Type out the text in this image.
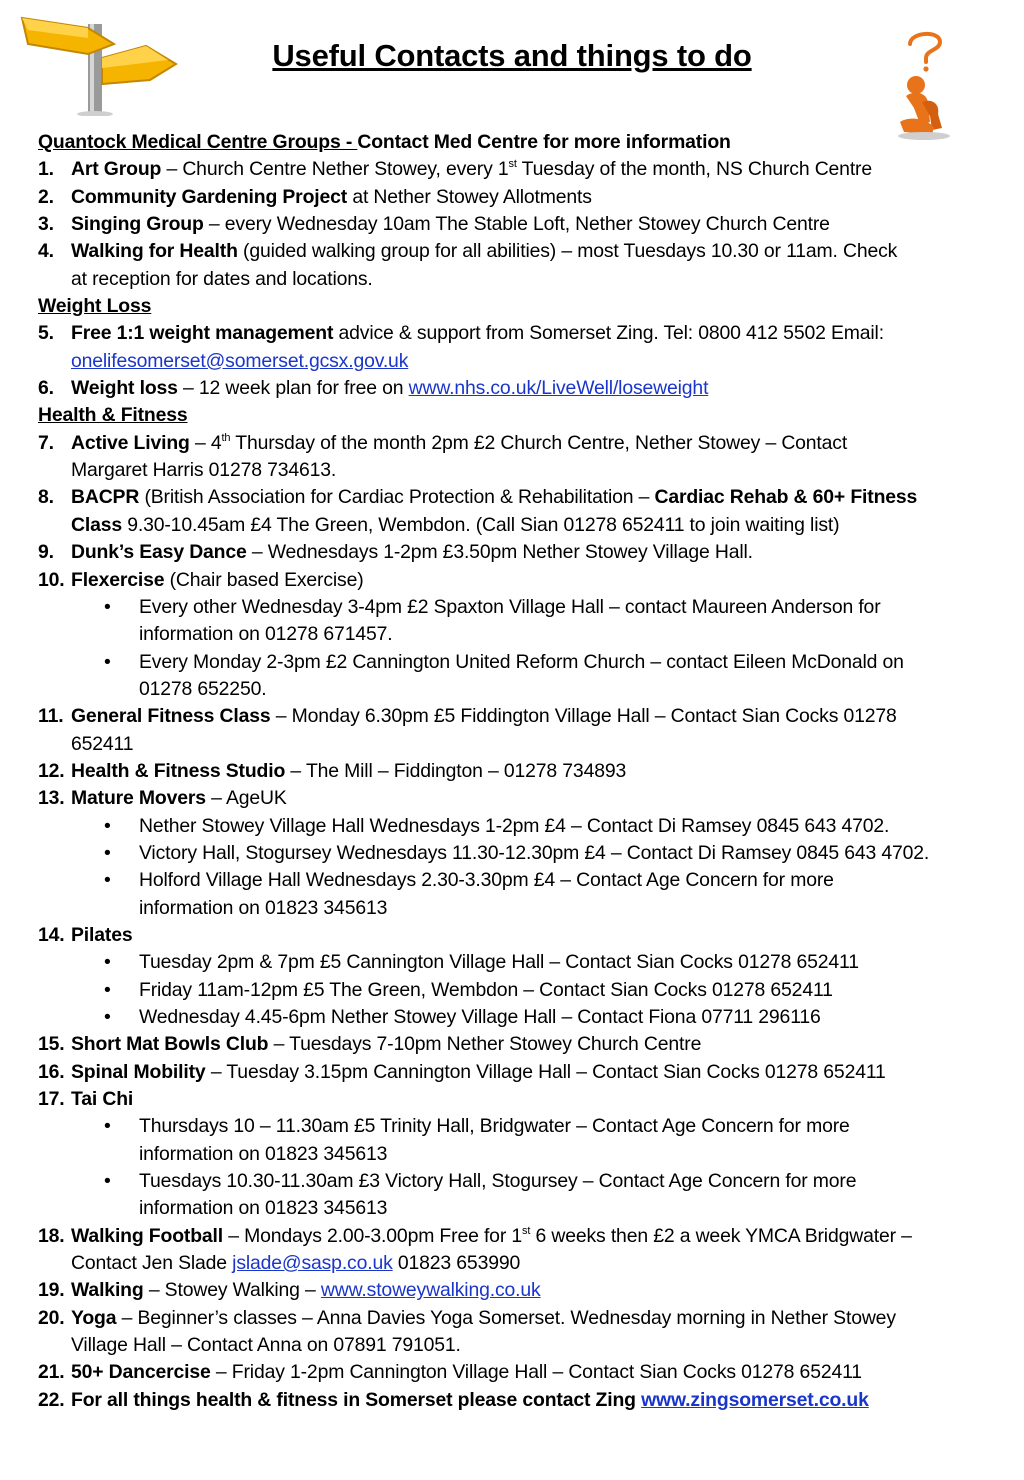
Useful Contacts and things to do
Quantock Medical Centre Groups - Contact Med Centre for more information
1. Art Group – Church Centre Nether Stowey, every 1st Tuesday of the month, NS Church Centre
2. Community Gardening Project at Nether Stowey Allotments
3. Singing Group – every Wednesday 10am The Stable Loft, Nether Stowey Church Centre
4. Walking for Health (guided walking group for all abilities) – most Tuesdays 10.30 or 11am. Check
at reception for dates and locations.
Weight Loss
5. Free 1:1 weight management advice & support from Somerset Zing. Tel: 0800 412 5502 Email:
onelifesomerset@somerset.gcsx.gov.uk
6. Weight loss – 12 week plan for free on www.nhs.co.uk/LiveWell/loseweight
Health & Fitness
7. Active Living – 4th Thursday of the month 2pm £2 Church Centre, Nether Stowey – Contact
Margaret Harris 01278 734613.
8. BACPR (British Association for Cardiac Protection & Rehabilitation – Cardiac Rehab & 60+ Fitness
Class 9.30-10.45am £4 The Green, Wembdon. (Call Sian 01278 652411 to join waiting list)
9. Dunk’s Easy Dance – Wednesdays 1-2pm £3.50pm Nether Stowey Village Hall.
10. Flexercise (Chair based Exercise)
• Every other Wednesday 3-4pm £2 Spaxton Village Hall – contact Maureen Anderson for
information on 01278 671457.
• Every Monday 2-3pm £2 Cannington United Reform Church – contact Eileen McDonald on
01278 652250.
11. General Fitness Class – Monday 6.30pm £5 Fiddington Village Hall – Contact Sian Cocks 01278
652411
12. Health & Fitness Studio – The Mill – Fiddington – 01278 734893
13. Mature Movers – AgeUK
• Nether Stowey Village Hall Wednesdays 1-2pm £4 – Contact Di Ramsey 0845 643 4702.
• Victory Hall, Stogursey Wednesdays 11.30-12.30pm £4 – Contact Di Ramsey 0845 643 4702.
• Holford Village Hall Wednesdays 2.30-3.30pm £4 – Contact Age Concern for more
information on 01823 345613
14. Pilates
• Tuesday 2pm & 7pm £5 Cannington Village Hall – Contact Sian Cocks 01278 652411
• Friday 11am-12pm £5 The Green, Wembdon – Contact Sian Cocks 01278 652411
• Wednesday 4.45-6pm Nether Stowey Village Hall – Contact Fiona 07711 296116
15. Short Mat Bowls Club – Tuesdays 7-10pm Nether Stowey Church Centre
16. Spinal Mobility – Tuesday 3.15pm Cannington Village Hall – Contact Sian Cocks 01278 652411
17. Tai Chi
• Thursdays 10 – 11.30am £5 Trinity Hall, Bridgwater – Contact Age Concern for more
information on 01823 345613
• Tuesdays 10.30-11.30am £3 Victory Hall, Stogursey – Contact Age Concern for more
information on 01823 345613
18. Walking Football – Mondays 2.00-3.00pm Free for 1st 6 weeks then £2 a week YMCA Bridgwater –
Contact Jen Slade jslade@sasp.co.uk 01823 653990
19. Walking – Stowey Walking – www.stoweywalking.co.uk
20. Yoga – Beginner’s classes – Anna Davies Yoga Somerset. Wednesday morning in Nether Stowey
Village Hall – Contact Anna on 07891 791051.
21. 50+ Dancercise – Friday 1-2pm Cannington Village Hall – Contact Sian Cocks 01278 652411
22. For all things health & fitness in Somerset please contact Zing www.zingsomerset.co.uk
